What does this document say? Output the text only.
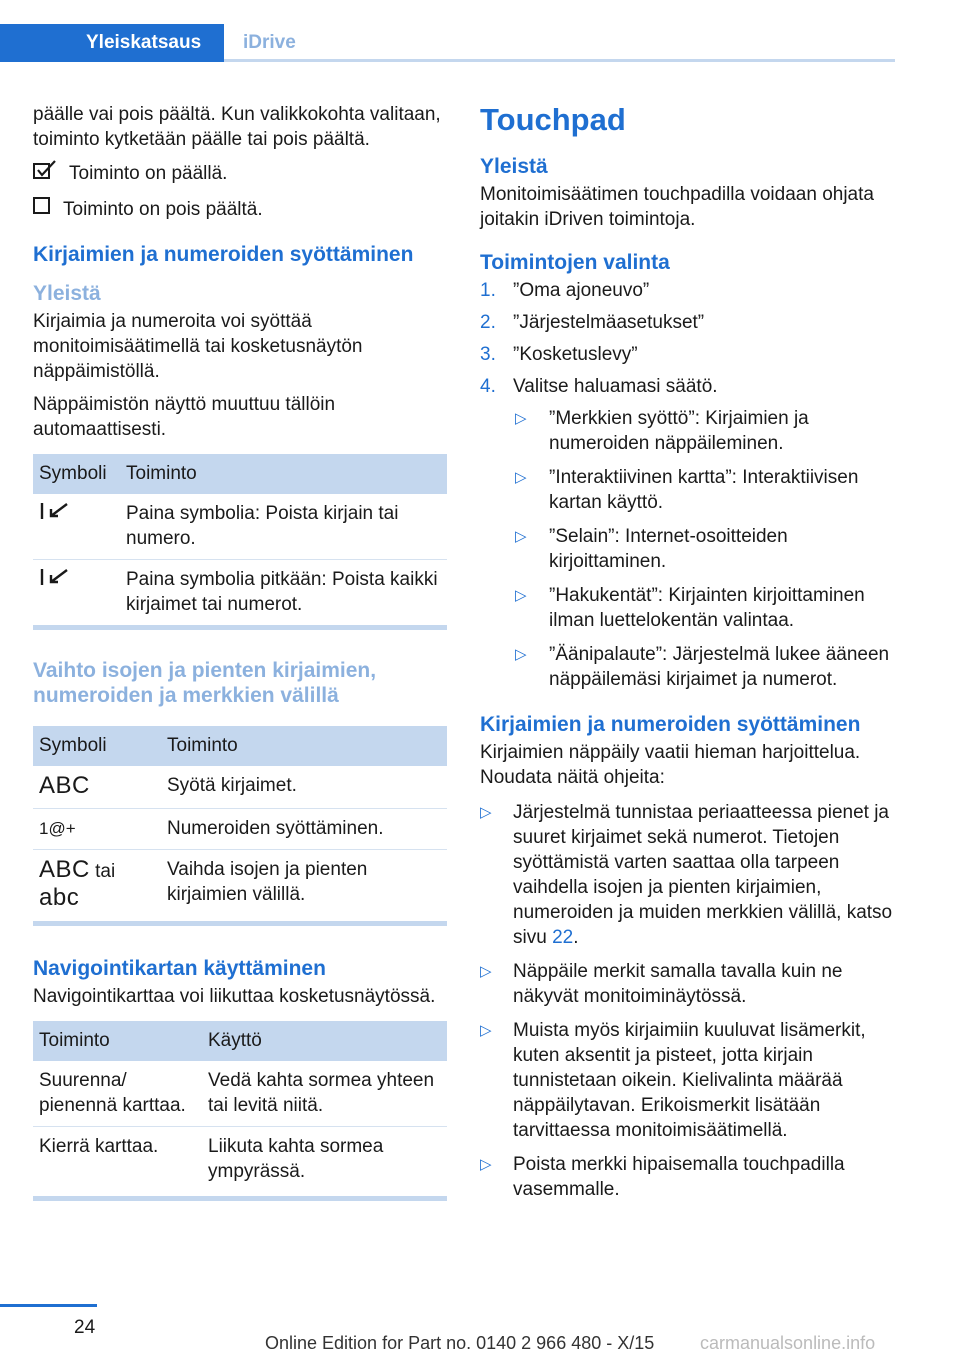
Yleiskatsaus	iDrive

päälle vai pois päältä. Kun valikkokohta valitaan, toiminto kytketään päälle tai pois päältä.

Toiminto on päällä.
Toiminto on pois päältä.
Kirjaimien ja numeroiden syöttäminen
Yleistä

Kirjaimia ja numeroita voi syöttää monitoimisäätimellä tai kosketusnäytön näppäimistöllä.

Näppäimistön näyttö muuttuu tällöin automaattisesti.

Symboli	Toiminto
	Paina symbolia: Poista kirjain tai numero.
	Paina symbolia pitkään: Poista kaikki kirjaimet tai numerot.
Vaihto isojen ja pienten kirjaimien, numeroiden ja merkkien välillä
Symboli	Toiminto
ABC	Syötä kirjaimet.
1@+	Numeroiden syöttäminen.
ABC tai
abc	Vaihda isojen ja pienten kirjaimien välillä.
Navigointikartan käyttäminen

Navigointikarttaa voi liikuttaa kosketusnäytössä.

Toiminto	Käyttö
Suurenna/ pienennä karttaa.	Vedä kahta sormea yhteen tai levitä niitä.
Kierrä karttaa.	Liikuta kahta sormea ympyrässä.
Touchpad
Yleistä

Monitoimisäätimen touchpadilla voidaan ohjata joitakin iDriven toimintoja.

Toimintojen valinta
1. ”Oma ajoneuvo”
2. ”Järjestelmäasetukset”
3. ”Kosketuslevy”
4. Valitse haluamasi säätö.
▷	”Merkkien syöttö”: Kirjaimien ja numeroiden näppäileminen.
▷	”Interaktiivinen kartta”: Interaktiivisen kartan käyttö.
▷	”Selain”: Internet-osoitteiden kirjoittaminen.
▷	”Hakukentät”: Kirjainten kirjoittaminen ilman luettelokentän valintaa.
▷	”Äänipalaute”: Järjestelmä lukee ääneen näppäilemäsi kirjaimet ja numerot.
Kirjaimien ja numeroiden syöttäminen

Kirjaimien näppäily vaatii hieman harjoittelua. Noudata näitä ohjeita:

▷	Järjestelmä tunnistaa periaatteessa pienet ja suuret kirjaimet sekä numerot. Tietojen syöttämistä varten saattaa olla tarpeen vaihdella isojen ja pienten kirjaimien, numeroiden ja muiden merkkien välillä, katso sivu 22.
▷	Näppäile merkit samalla tavalla kuin ne näkyvät monitoiminäytössä.
▷	Muista myös kirjaimiin kuuluvat lisämerkit, kuten aksentit ja pisteet, jotta kirjain tunnistetaan oikein. Kielivalinta määrää näppäilytavan. Erikoismerkit lisätään tarvittaessa monitoimisäätimellä.
▷	Poista merkki hipaisemalla touchpadilla vasemmalle.
24
Online Edition for Part no. 0140 2 966 480 - X/15	carmanualsonline.info
